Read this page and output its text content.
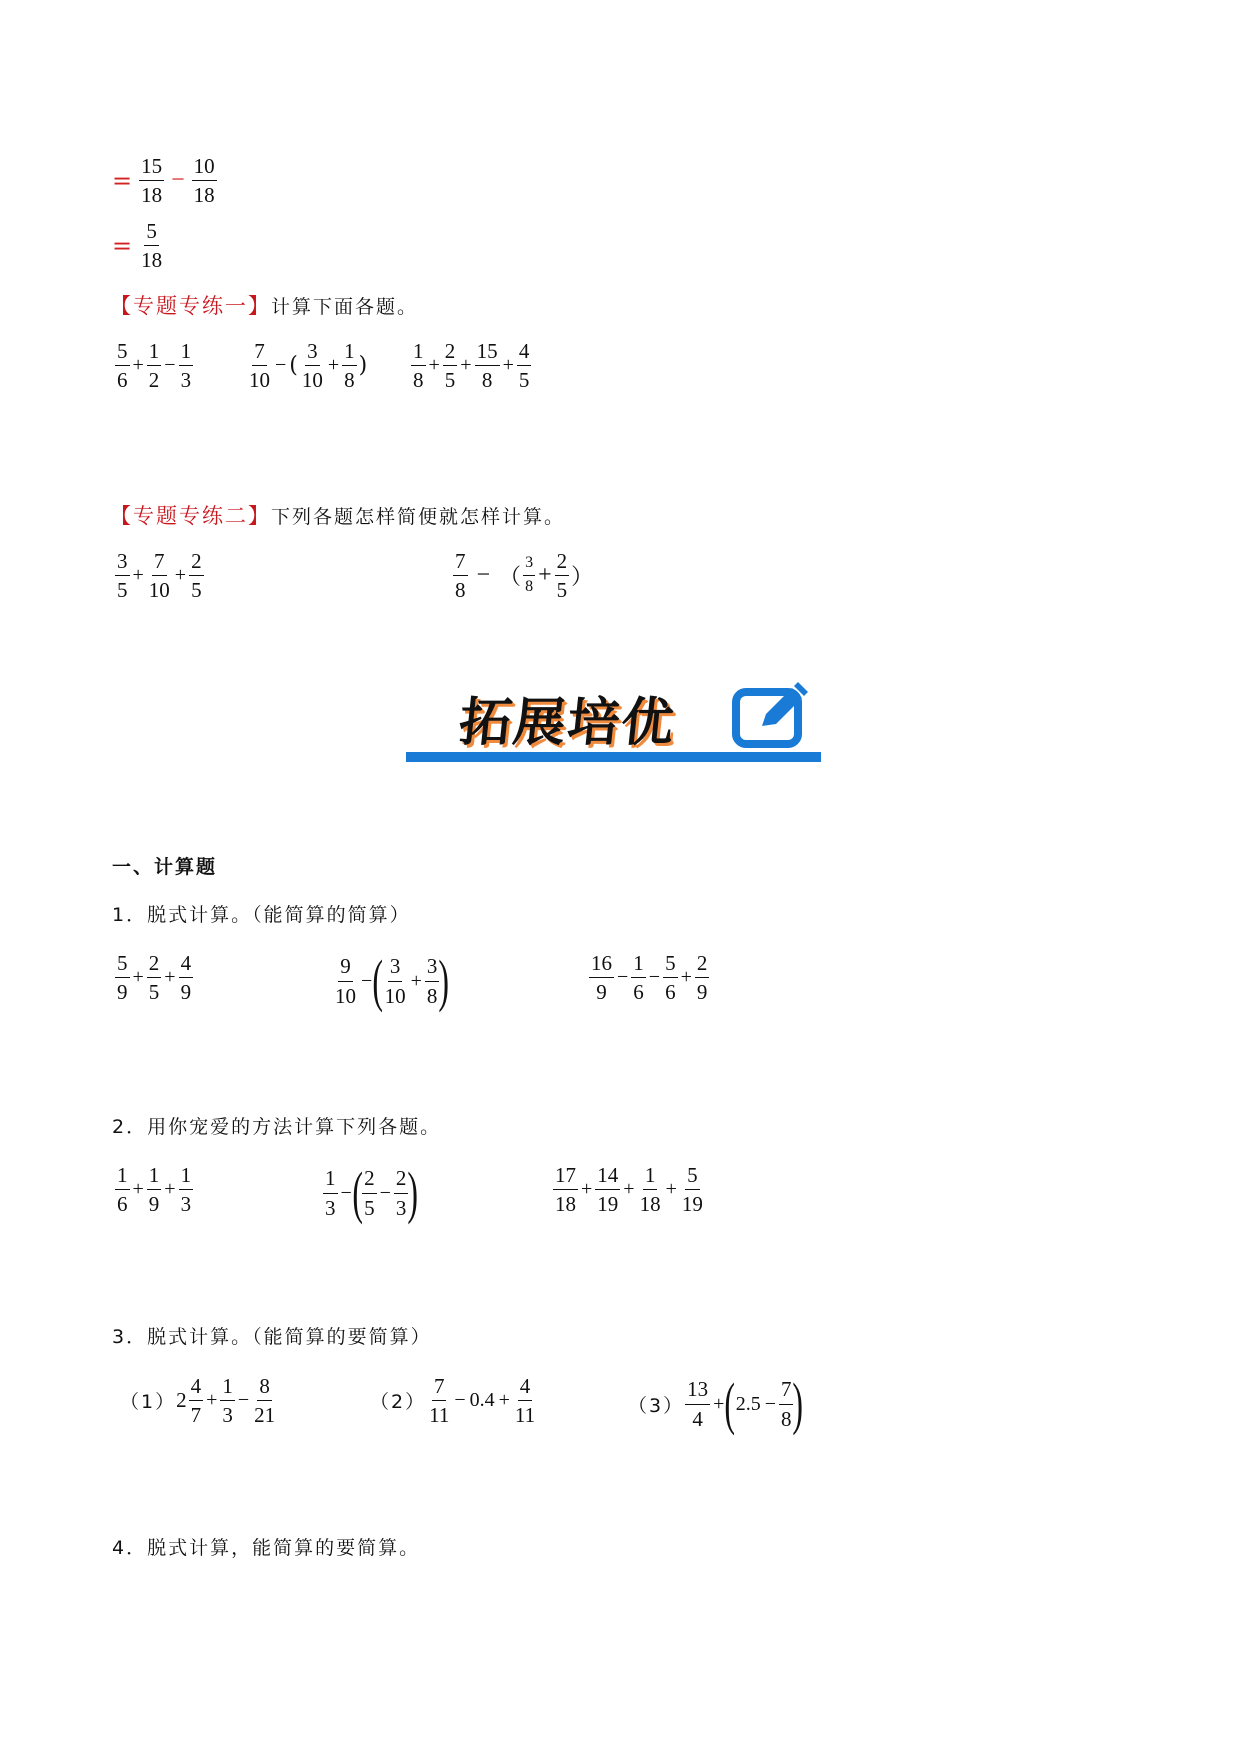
= $\frac{15}{18} - \frac{10}{18}$
= $\frac{5}{18}$
【专题专练一】 计算下面各题。
$\frac{5}{6} + \frac{1}{2} - \frac{1}{3}$	$\frac{7}{10}$ − ( $\frac{3}{10} + \frac{1}{8}$ ) $\frac{1}{8} + \frac{2}{5} + \frac{15}{8} + \frac{4}{5}$
【专题专练二】 下列各题怎样简便就怎样计算。
$\frac{3}{5} + \frac{7}{10} + \frac{2}{5}$	$\frac{7}{8}$ − （ $\frac{3}{8} + \frac{2}{5}$ ）
拓展培优
一、计算题
1．脱式计算。（能简算的简算）
$\frac{5}{9} + \frac{2}{5} + \frac{4}{9}$	$\frac{9}{10}$ − ( $\frac{3}{10} + \frac{3}{8}$ )	$\frac{16}{9} - \frac{1}{6} - \frac{5}{6} + \frac{2}{9}$
2．用你宠爱的方法计算下列各题。
$\frac{1}{6} + \frac{1}{9} + \frac{1}{3}$	$\frac{1}{3}$ − ( $\frac{2}{5} - \frac{2}{3}$ )	$\frac{17}{18} + \frac{14}{19} + \frac{1}{18} + \frac{5}{19}$
3．脱式计算。（能简算的要简算）
（1） $2 \frac{4}{7} + \frac{1}{3} - \frac{8}{21}$	$(2) \frac{7}{11} - 0.4 + \frac{4}{11}$	$(3) \frac{13}{4}$ + ( $2.5 - \frac{7}{8}$ )
4．脱式计算，能简算的要简算。
